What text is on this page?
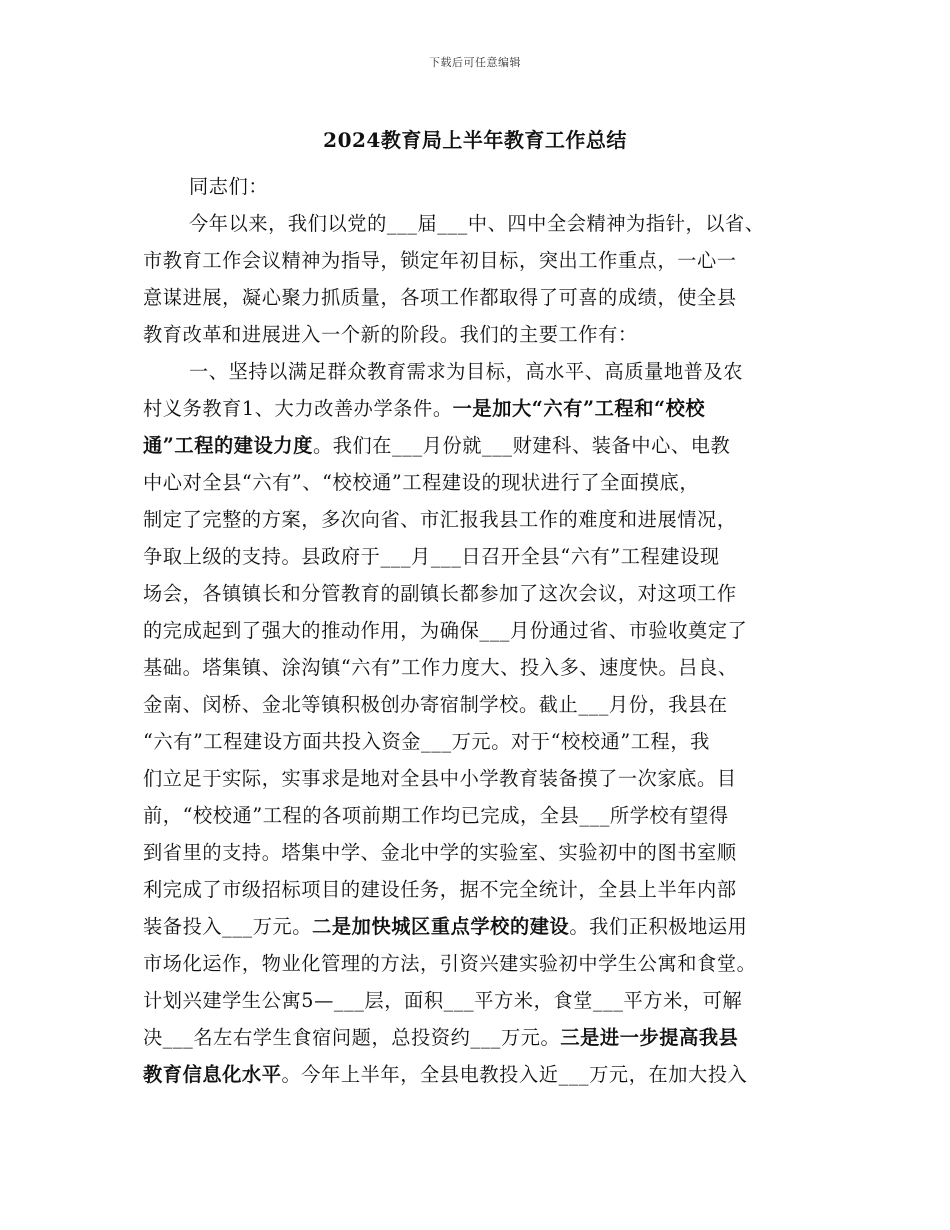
下载后可任意编辑
2024教育局上半年教育工作总结
同志们：
今年以来，我们以党的___届___中、四中全会精神为指针，以省、
市教育工作会议精神为指导，锁定年初目标，突出工作重点，一心一
意谋进展，凝心聚力抓质量，各项工作都取得了可喜的成绩，使全县
教育改革和进展进入一个新的阶段。我们的主要工作有：
一、坚持以满足群众教育需求为目标，高水平、高质量地普及农
村义务教育1、大力改善办学条件。一是加大“六有”工程和“校校
通”工程的建设力度。我们在___月份就___财建科、装备中心、电教
中心对全县“六有”、“校校通”工程建设的现状进行了全面摸底，
制定了完整的方案，多次向省、市汇报我县工作的难度和进展情况，
争取上级的支持。县政府于___月___日召开全县“六有”工程建设现
场会，各镇镇长和分管教育的副镇长都参加了这次会议，对这项工作
的完成起到了强大的推动作用，为确保___月份通过省、市验收奠定了
基础。塔集镇、涂沟镇“六有”工作力度大、投入多、速度快。吕良、
金南、闵桥、金北等镇积极创办寄宿制学校。截止___月份，我县在
“六有”工程建设方面共投入资金___万元。对于“校校通”工程，我
们立足于实际，实事求是地对全县中小学教育装备摸了一次家底。目
前，“校校通”工程的各项前期工作均已完成，全县___所学校有望得
到省里的支持。塔集中学、金北中学的实验室、实验初中的图书室顺
利完成了市级招标项目的建设任务，据不完全统计，全县上半年内部
装备投入___万元。二是加快城区重点学校的建设。我们正积极地运用
市场化运作，物业化管理的方法，引资兴建实验初中学生公寓和食堂。
计划兴建学生公寓5—___层，面积___平方米，食堂___平方米，可解
决___名左右学生食宿问题，总投资约___万元。三是进一步提高我县
教育信息化水平。今年上半年，全县电教投入近___万元，在加大投入
